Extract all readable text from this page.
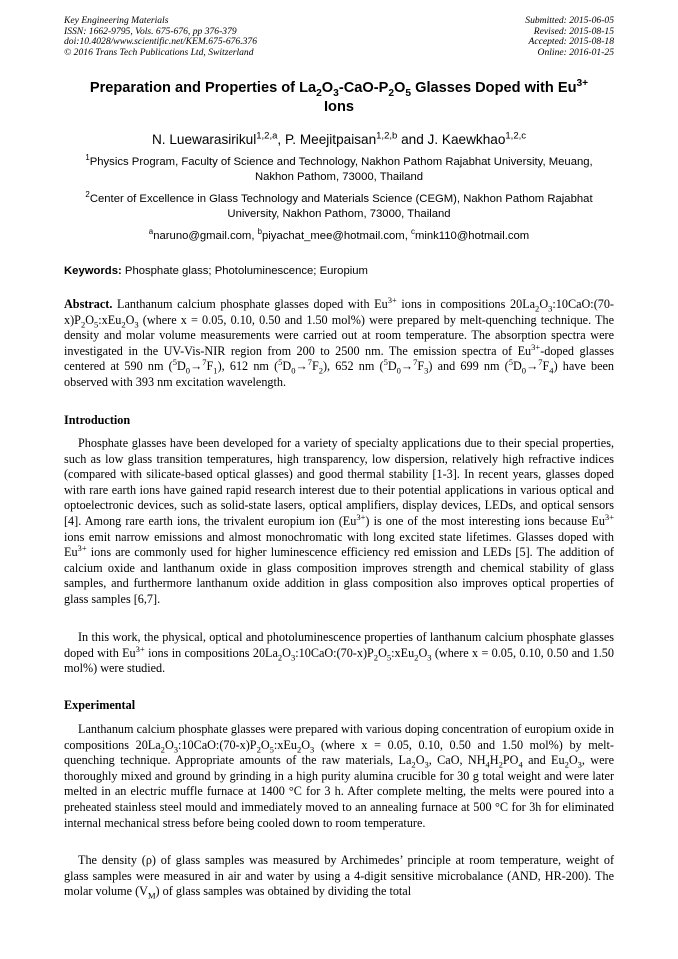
Key Engineering Materials
ISSN: 1662-9795, Vols. 675-676, pp 376-379
doi:10.4028/www.scientific.net/KEM.675-676.376
© 2016 Trans Tech Publications Ltd, Switzerland
Submitted: 2015-06-05
Revised: 2015-08-15
Accepted: 2015-08-18
Online: 2016-01-25
Preparation and Properties of $La_2O_3-CaO-P_2O_5$ Glasses Doped with $Eu^{3+}$
Ions
N. Luewarasirikul$^{1,2,a}$, P. Meejitpaisan$^{1,2,b}$ and J. Kaewkhao$^{1,2,c}$
$^1$Physics Program, Faculty of Science and Technology, Nakhon Pathom Rajabhat University, Meuang, Nakhon Pathom, 73000, Thailand
$^2$Center of Excellence in Glass Technology and Materials Science (CEGM), Nakhon Pathom Rajabhat University, Nakhon Pathom, 73000, Thailand
$^a$naruno@gmail.com, $^b$piyachat_mee@hotmail.com, $^c$mink110@hotmail.com
Keywords: Phosphate glass; Photoluminescence; Europium
Abstract. Lanthanum calcium phosphate glasses doped with $Eu^{3+}$ ions in compositions $20La_2O_3:10CaO:(70-x)P_2O_5:xEu_2O_3$ (where x = 0.05, 0.10, 0.50 and 1.50 mol%) were prepared by melt-quenching technique. The density and molar volume measurements were carried out at room temperature. The absorption spectra were investigated in the UV-Vis-NIR region from 200 to 2500 nm. The emission spectra of $Eu^{3+}$-doped glasses centered at 590 nm $(^5D_0\to^7F_1)$, 612 nm $(^5D_0\to^7F_2)$, 652 nm $(^5D_0\to^7F_3)$ and 699 nm $(^5D_0\to^7F_4)$ have been observed with 393 nm excitation wavelength.
Introduction
Phosphate glasses have been developed for a variety of specialty applications due to their special properties, such as low glass transition temperatures, high transparency, low dispersion, relatively high refractive indices (compared with silicate-based optical glasses) and good thermal stability [1-3]. In recent years, glasses doped with rare earth ions have gained rapid research interest due to their potential applications in various optical and optoelectronic devices, such as solid-state lasers, optical amplifiers, display devices, LEDs, and optical sensors [4]. Among rare earth ions, the trivalent europium ion $(Eu^{3+})$ is one of the most interesting ions because $Eu^{3+}$ ions emit narrow emissions and almost monochromatic with long excited state lifetimes. Glasses doped with $Eu^{3+}$ ions are commonly used for higher luminescence efficiency red emission and LEDs [5]. The addition of calcium oxide and lanthanum oxide in glass composition improves strength and chemical stability of glass samples, and furthermore lanthanum oxide addition in glass composition also improves optical properties of glass samples [6,7].
In this work, the physical, optical and photoluminescence properties of lanthanum calcium phosphate glasses doped with $Eu^{3+}$ ions in compositions $20La_2O_3:10CaO:(70-x)P_2O_5:xEu_2O_3$ (where x = 0.05, 0.10, 0.50 and 1.50 mol%) were studied.
Experimental
Lanthanum calcium phosphate glasses were prepared with various doping concentration of europium oxide in compositions $20La_2O_3:10CaO:(70-x)P_2O_5:xEu_2O_3$ (where x = 0.05, 0.10, 0.50 and 1.50 mol%) by melt-quenching technique. Appropriate amounts of the raw materials, $La_2O_3$, CaO, $NH_4H_2PO_4$ and $Eu_2O_3$, were thoroughly mixed and ground by grinding in a high purity alumina crucible for 30 g total weight and were later melted in an electric muffle furnace at 1400 °C for 3 h. After complete melting, the melts were poured into a preheated stainless steel mould and immediately moved to an annealing furnace at 500 °C for 3h for eliminated internal mechanical stress before being cooled down to room temperature.
The density (ρ) of glass samples was measured by Archimedes’ principle at room temperature, weight of glass samples were measured in air and water by using a 4-digit sensitive microbalance (AND, HR-200). The molar volume $(V_M)$ of glass samples was obtained by dividing the total
